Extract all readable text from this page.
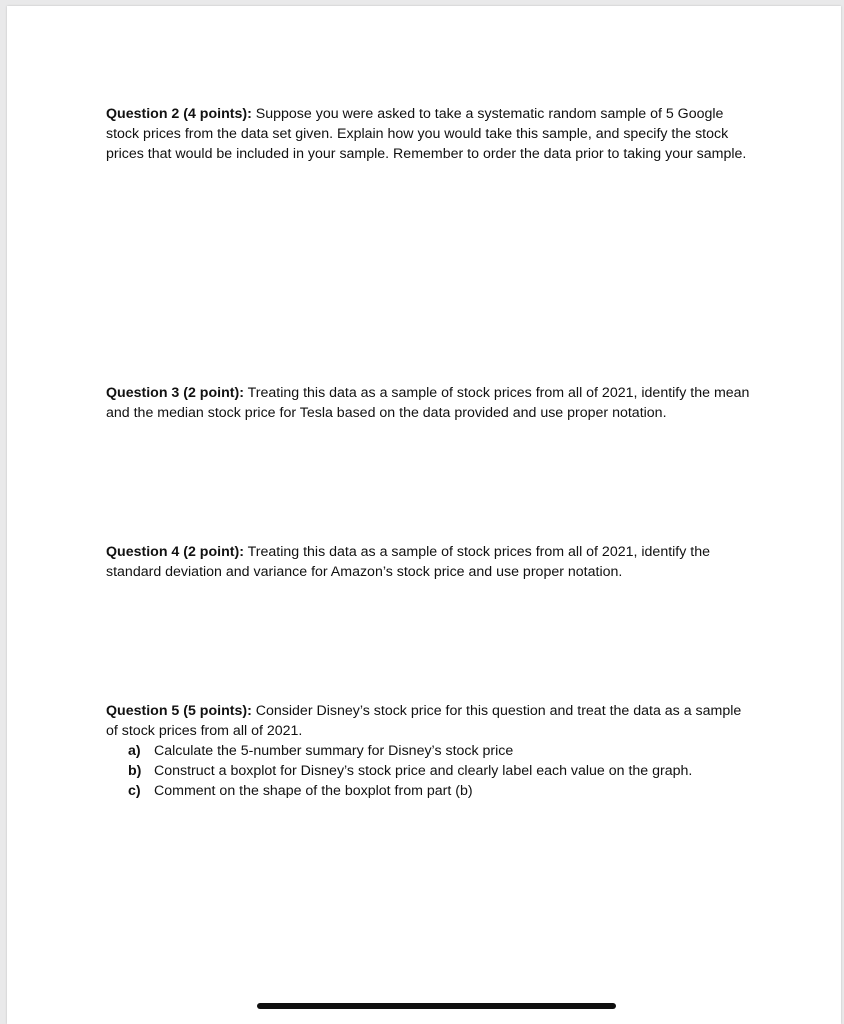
Question 2 (4 points): Suppose you were asked to take a systematic random sample of 5 Google stock prices from the data set given. Explain how you would take this sample, and specify the stock prices that would be included in your sample. Remember to order the data prior to taking your sample.

Question 3 (2 point): Treating this data as a sample of stock prices from all of 2021, identify the mean and the median stock price for Tesla based on the data provided and use proper notation.

Question 4 (2 point): Treating this data as a sample of stock prices from all of 2021, identify the standard deviation and variance for Amazon’s stock price and use proper notation.

Question 5 (5 points): Consider Disney’s stock price for this question and treat the data as a sample of stock prices from all of 2021.

a) Calculate the 5-number summary for Disney’s stock price
b) Construct a boxplot for Disney’s stock price and clearly label each value on the graph.
c) Comment on the shape of the boxplot from part (b)
